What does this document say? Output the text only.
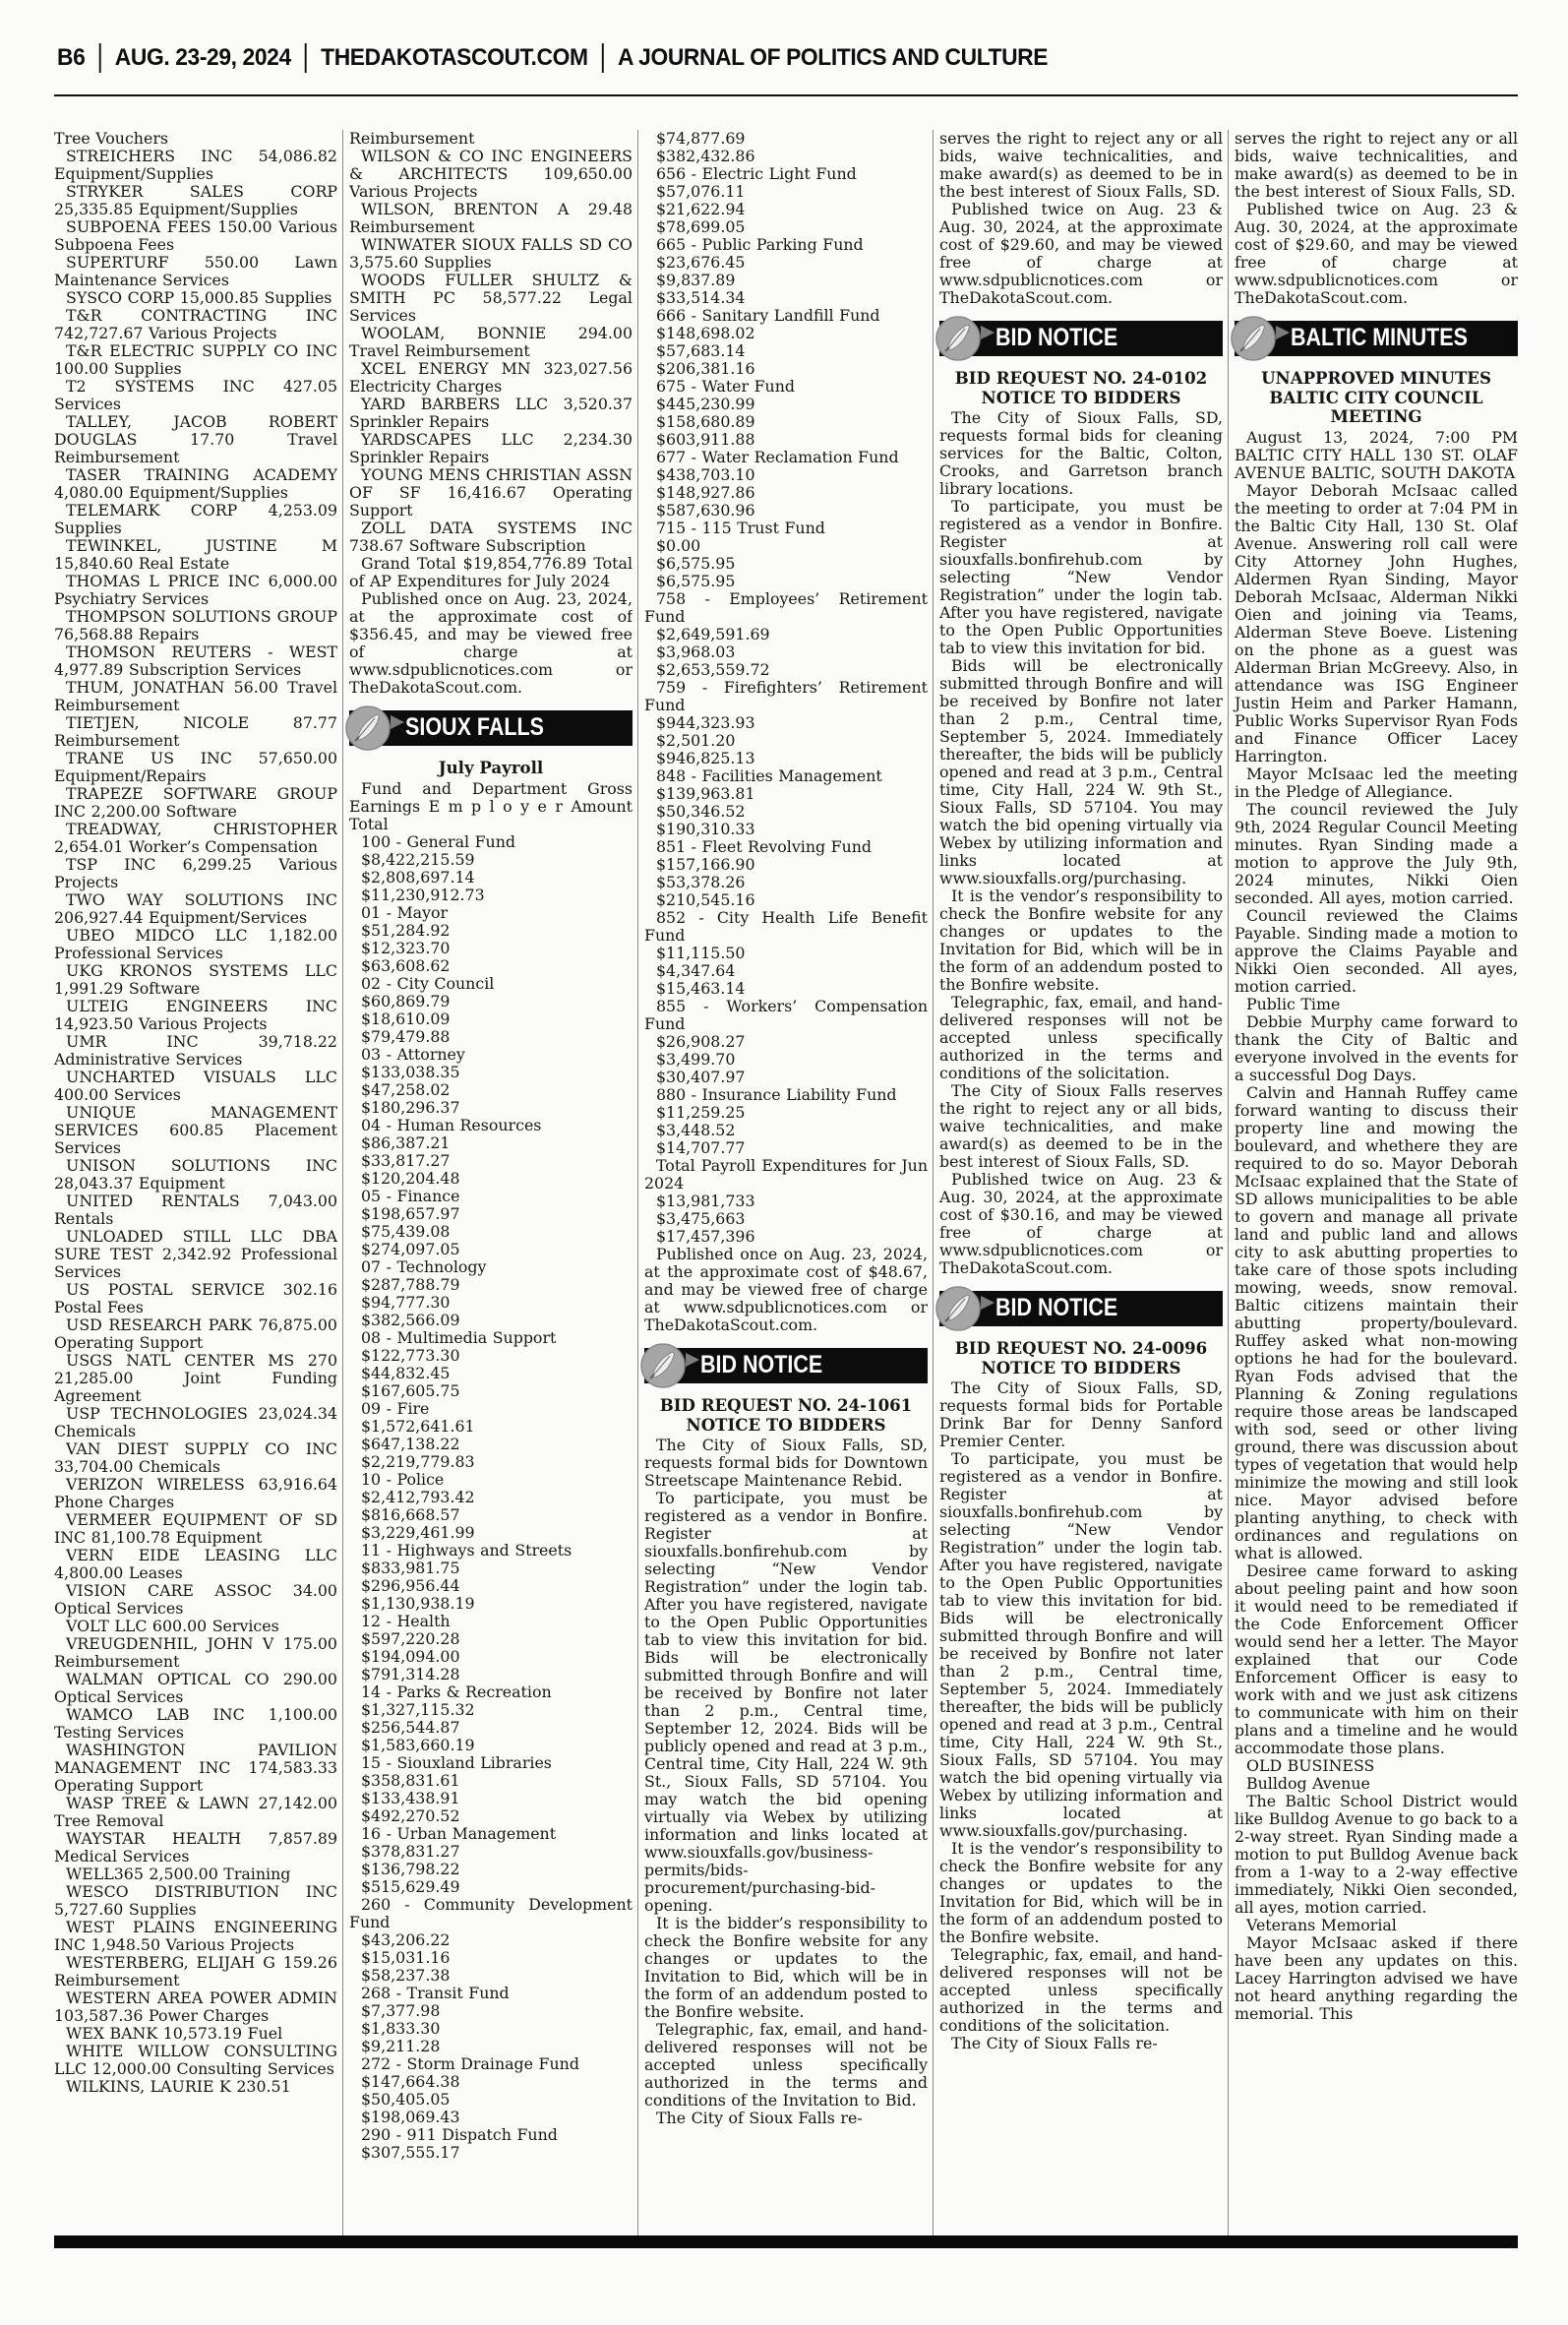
B6 AUG. 23-29, 2024 THEDAKOTASCOUT.COM A JOURNAL OF POLITICS AND CULTURE

Tree Vouchers

STREICHERS INC 54,086.82 Equipment/Supplies

STRYKER SALES CORP 25,335.85 Equipment/Supplies

SUBPOENA FEES 150.00 Various Subpoena Fees

SUPERTURF 550.00 Lawn Maintenance Services

SYSCO CORP 15,000.85 Supplies

T&R CONTRACTING INC 742,727.67 Various Projects

T&R ELECTRIC SUPPLY CO INC 100.00 Supplies

T2 SYSTEMS INC 427.05 Services

TALLEY, JACOB ROBERT DOUGLAS 17.70 Travel Reimbursement

TASER TRAINING ACADEMY 4,080.00 Equipment/Supplies

TELEMARK CORP 4,253.09 Supplies

TEWINKEL, JUSTINE M 15,840.60 Real Estate

THOMAS L PRICE INC 6,000.00 Psychiatry Services

THOMPSON SOLUTIONS GROUP 76,568.88 Repairs

THOMSON REUTERS - WEST 4,977.89 Subscription Services

THUM, JONATHAN 56.00 Travel Reimbursement

TIETJEN, NICOLE 87.77 Reimbursement

TRANE US INC 57,650.00 Equipment/Repairs

TRAPEZE SOFTWARE GROUP INC 2,200.00 Software

TREADWAY, CHRISTOPHER 2,654.01 Worker’s Compensation

TSP INC 6,299.25 Various Projects

TWO WAY SOLUTIONS INC 206,927.44 Equipment/Services

UBEO MIDCO LLC 1,182.00 Professional Services

UKG KRONOS SYSTEMS LLC 1,991.29 Software

ULTEIG ENGINEERS INC 14,923.50 Various Projects

UMR INC 39,718.22 Administrative Services

UNCHARTED VISUALS LLC 400.00 Services

UNIQUE MANAGEMENT SERVICES 600.85 Placement Services

UNISON SOLUTIONS INC 28,043.37 Equipment

UNITED RENTALS 7,043.00 Rentals

UNLOADED STILL LLC DBA SURE TEST 2,342.92 Professional Services

US POSTAL SERVICE 302.16 Postal Fees

USD RESEARCH PARK 76,875.00 Operating Support

USGS NATL CENTER MS 270 21,285.00 Joint Funding Agreement

USP TECHNOLOGIES 23,024.34 Chemicals

VAN DIEST SUPPLY CO INC 33,704.00 Chemicals

VERIZON WIRELESS 63,916.64 Phone Charges

VERMEER EQUIPMENT OF SD INC 81,100.78 Equipment

VERN EIDE LEASING LLC 4,800.00 Leases

VISION CARE ASSOC 34.00 Optical Services

VOLT LLC 600.00 Services

VREUGDENHIL, JOHN V 175.00 Reimbursement

WALMAN OPTICAL CO 290.00 Optical Services

WAMCO LAB INC 1,100.00 Testing Services

WASHINGTON PAVILION MANAGEMENT INC 174,583.33 Operating Support

WASP TREE & LAWN 27,142.00 Tree Removal

WAYSTAR HEALTH 7,857.89 Medical Services

WELL365 2,500.00 Training

WESCO DISTRIBUTION INC 5,727.60 Supplies

WEST PLAINS ENGINEERING INC 1,948.50 Various Projects

WESTERBERG, ELIJAH G 159.26 Reimbursement

WESTERN AREA POWER ADMIN 103,587.36 Power Charges

WEX BANK 10,573.19 Fuel

WHITE WILLOW CONSULTING LLC 12,000.00 Consulting Services

WILKINS, LAURIE K 230.51

Reimbursement

WILSON & CO INC ENGINEERS & ARCHITECTS 109,650.00 Various Projects

WILSON, BRENTON A 29.48 Reimbursement

WINWATER SIOUX FALLS SD CO 3,575.60 Supplies

WOODS FULLER SHULTZ & SMITH PC 58,577.22 Legal Services

WOOLAM, BONNIE 294.00 Travel Reimbursement

XCEL ENERGY MN 323,027.56 Electricity Charges

YARD BARBERS LLC 3,520.37 Sprinkler Repairs

YARDSCAPES LLC 2,234.30 Sprinkler Repairs

YOUNG MENS CHRISTIAN ASSN OF SF 16,416.67 Operating Support

ZOLL DATA SYSTEMS INC 738.67 Software Subscription

Grand Total $19,854,776.89 Total of AP Expenditures for July 2024

Published once on Aug. 23, 2024, at the approximate cost of $356.45, and may be viewed free of charge at www.sdpublicnotices.com or TheDakotaScout.com.

SIOUX FALLS
July Payroll

Fund and Department Gross Earnings E m p l o y e r Amount Total

100 - General Fund

$8,422,215.59

$2,808,697.14

$11,230,912.73

01 - Mayor

$51,284.92

$12,323.70

$63,608.62

02 - City Council

$60,869.79

$18,610.09

$79,479.88

03 - Attorney

$133,038.35

$47,258.02

$180,296.37

04 - Human Resources

$86,387.21

$33,817.27

$120,204.48

05 - Finance

$198,657.97

$75,439.08

$274,097.05

07 - Technology

$287,788.79

$94,777.30

$382,566.09

08 - Multimedia Support

$122,773.30

$44,832.45

$167,605.75

09 - Fire

$1,572,641.61

$647,138.22

$2,219,779.83

10 - Police

$2,412,793.42

$816,668.57

$3,229,461.99

11 - Highways and Streets

$833,981.75

$296,956.44

$1,130,938.19

12 - Health

$597,220.28

$194,094.00

$791,314.28

14 - Parks & Recreation

$1,327,115.32

$256,544.87

$1,583,660.19

15 - Siouxland Libraries

$358,831.61

$133,438.91

$492,270.52

16 - Urban Management

$378,831.27

$136,798.22

$515,629.49

260 - Community Development Fund

$43,206.22

$15,031.16

$58,237.38

268 - Transit Fund

$7,377.98

$1,833.30

$9,211.28

272 - Storm Drainage Fund

$147,664.38

$50,405.05

$198,069.43

290 - 911 Dispatch Fund

$307,555.17

$74,877.69

$382,432.86

656 - Electric Light Fund

$57,076.11

$21,622.94

$78,699.05

665 - Public Parking Fund

$23,676.45

$9,837.89

$33,514.34

666 - Sanitary Landfill Fund

$148,698.02

$57,683.14

$206,381.16

675 - Water Fund

$445,230.99

$158,680.89

$603,911.88

677 - Water Reclamation Fund

$438,703.10

$148,927.86

$587,630.96

715 - 115 Trust Fund

$0.00

$6,575.95

$6,575.95

758 - Employees’ Retirement Fund

$2,649,591.69

$3,968.03

$2,653,559.72

759 - Firefighters’ Retirement Fund

$944,323.93

$2,501.20

$946,825.13

848 - Facilities Management

$139,963.81

$50,346.52

$190,310.33

851 - Fleet Revolving Fund

$157,166.90

$53,378.26

$210,545.16

852 - City Health Life Benefit Fund

$11,115.50

$4,347.64

$15,463.14

855 - Workers’ Compensation Fund

$26,908.27

$3,499.70

$30,407.97

880 - Insurance Liability Fund

$11,259.25

$3,448.52

$14,707.77

Total Payroll Expenditures for Jun 2024

$13,981,733

$3,475,663

$17,457,396

Published once on Aug. 23, 2024, at the approximate cost of $48.67, and may be viewed free of charge at www.sdpublicnotices.com or TheDakotaScout.com.

BID NOTICE
BID REQUEST NO. 24-1061
NOTICE TO BIDDERS

The City of Sioux Falls, SD, requests formal bids for Downtown Streetscape Maintenance Rebid.

To participate, you must be registered as a vendor in Bonfire. Register at siouxfalls.bonfirehub.com by selecting “New Vendor Registration” under the login tab. After you have registered, navigate to the Open Public Opportunities tab to view this invitation for bid. Bids will be electronically submitted through Bonfire and will be received by Bonfire not later than 2 p.m., Central time, September 12, 2024. Bids will be publicly opened and read at 3 p.m., Central time, City Hall, 224 W. 9th St., Sioux Falls, SD 57104. You may watch the bid opening virtually via Webex by utilizing information and links located at www.siouxfalls.gov/business-permits/bids-procurement/purchasing-bid-opening.

It is the bidder’s responsibility to check the Bonfire website for any changes or updates to the Invitation to Bid, which will be in the form of an addendum posted to the Bonfire website.

Telegraphic, fax, email, and hand-delivered responses will not be accepted unless specifically authorized in the terms and conditions of the Invitation to Bid.

The City of Sioux Falls re-

serves the right to reject any or all bids, waive technicalities, and make award(s) as deemed to be in the best interest of Sioux Falls, SD.

Published twice on Aug. 23 & Aug. 30, 2024, at the approximate cost of $29.60, and may be viewed free of charge at www.sdpublicnotices.com or TheDakotaScout.com.

BID NOTICE
BID REQUEST NO. 24-0102
NOTICE TO BIDDERS

The City of Sioux Falls, SD, requests formal bids for cleaning services for the Baltic, Colton, Crooks, and Garretson branch library locations.

To participate, you must be registered as a vendor in Bonfire. Register at siouxfalls.bonfirehub.com by selecting “New Vendor Registration” under the login tab. After you have registered, navigate to the Open Public Opportunities tab to view this invitation for bid.

Bids will be electronically submitted through Bonfire and will be received by Bonfire not later than 2 p.m., Central time, September 5, 2024. Immediately thereafter, the bids will be publicly opened and read at 3 p.m., Central time, City Hall, 224 W. 9th St., Sioux Falls, SD 57104. You may watch the bid opening virtually via Webex by utilizing information and links located at www.siouxfalls.org/purchasing.

It is the vendor’s responsibility to check the Bonfire website for any changes or updates to the Invitation for Bid, which will be in the form of an addendum posted to the Bonfire website.

Telegraphic, fax, email, and hand-delivered responses will not be accepted unless specifically authorized in the terms and conditions of the solicitation.

The City of Sioux Falls reserves the right to reject any or all bids, waive technicalities, and make award(s) as deemed to be in the best interest of Sioux Falls, SD.

Published twice on Aug. 23 & Aug. 30, 2024, at the approximate cost of $30.16, and may be viewed free of charge at www.sdpublicnotices.com or TheDakotaScout.com.

BID NOTICE
BID REQUEST NO. 24-0096
NOTICE TO BIDDERS

The City of Sioux Falls, SD, requests formal bids for Portable Drink Bar for Denny Sanford Premier Center.

To participate, you must be registered as a vendor in Bonfire. Register at siouxfalls.bonfirehub.com by selecting “New Vendor Registration” under the login tab. After you have registered, navigate to the Open Public Opportunities tab to view this invitation for bid. Bids will be electronically submitted through Bonfire and will be received by Bonfire not later than 2 p.m., Central time, September 5, 2024. Immediately thereafter, the bids will be publicly opened and read at 3 p.m., Central time, City Hall, 224 W. 9th St., Sioux Falls, SD 57104. You may watch the bid opening virtually via Webex by utilizing information and links located at www.siouxfalls.gov/purchasing.

It is the vendor’s responsibility to check the Bonfire website for any changes or updates to the Invitation for Bid, which will be in the form of an addendum posted to the Bonfire website.

Telegraphic, fax, email, and hand-delivered responses will not be accepted unless specifically authorized in the terms and conditions of the solicitation.

The City of Sioux Falls re-

serves the right to reject any or all bids, waive technicalities, and make award(s) as deemed to be in the best interest of Sioux Falls, SD.

Published twice on Aug. 23 & Aug. 30, 2024, at the approximate cost of $29.60, and may be viewed free of charge at www.sdpublicnotices.com or TheDakotaScout.com.

BALTIC MINUTES
UNAPPROVED MINUTES
BALTIC CITY COUNCIL
MEETING

August 13, 2024, 7:00 PM BALTIC CITY HALL 130 ST. OLAF AVENUE BALTIC, SOUTH DAKOTA

Mayor Deborah McIsaac called the meeting to order at 7:04 PM in the Baltic City Hall, 130 St. Olaf Avenue. Answering roll call were City Attorney John Hughes, Aldermen Ryan Sinding, Mayor Deborah McIsaac, Alderman Nikki Oien and joining via Teams, Alderman Steve Boeve. Listening on the phone as a guest was Alderman Brian McGreevy. Also, in attendance was ISG Engineer Justin Heim and Parker Hamann, Public Works Supervisor Ryan Fods and Finance Officer Lacey Harrington.

Mayor McIsaac led the meeting in the Pledge of Allegiance.

The council reviewed the July 9th, 2024 Regular Council Meeting minutes. Ryan Sinding made a motion to approve the July 9th, 2024 minutes, Nikki Oien seconded. All ayes, motion carried.

Council reviewed the Claims Payable. Sinding made a motion to approve the Claims Payable and Nikki Oien seconded. All ayes, motion carried.

Public Time

Debbie Murphy came forward to thank the City of Baltic and everyone involved in the events for a successful Dog Days.

Calvin and Hannah Ruffey came forward wanting to discuss their property line and mowing the boulevard, and whethere they are required to do so. Mayor Deborah McIsaac explained that the State of SD allows municipalities to be able to govern and manage all private land and public land and allows city to ask abutting properties to take care of those spots including mowing, weeds, snow removal. Baltic citizens maintain their abutting property/boulevard. Ruffey asked what non-mowing options he had for the boulevard. Ryan Fods advised that the Planning & Zoning regulations require those areas be landscaped with sod, seed or other living ground, there was discussion about types of vegetation that would help minimize the mowing and still look nice. Mayor advised before planting anything, to check with ordinances and regulations on what is allowed.

Desiree came forward to asking about peeling paint and how soon it would need to be remediated if the Code Enforcement Officer would send her a letter. The Mayor explained that our Code Enforcement Officer is easy to work with and we just ask citizens to communicate with him on their plans and a timeline and he would accommodate those plans.

OLD BUSINESS

Bulldog Avenue

The Baltic School District would like Bulldog Avenue to go back to a 2-way street. Ryan Sinding made a motion to put Bulldog Avenue back from a 1-way to a 2-way effective immediately, Nikki Oien seconded, all ayes, motion carried.

Veterans Memorial

Mayor McIsaac asked if there have been any updates on this. Lacey Harrington advised we have not heard anything regarding the memorial. This
